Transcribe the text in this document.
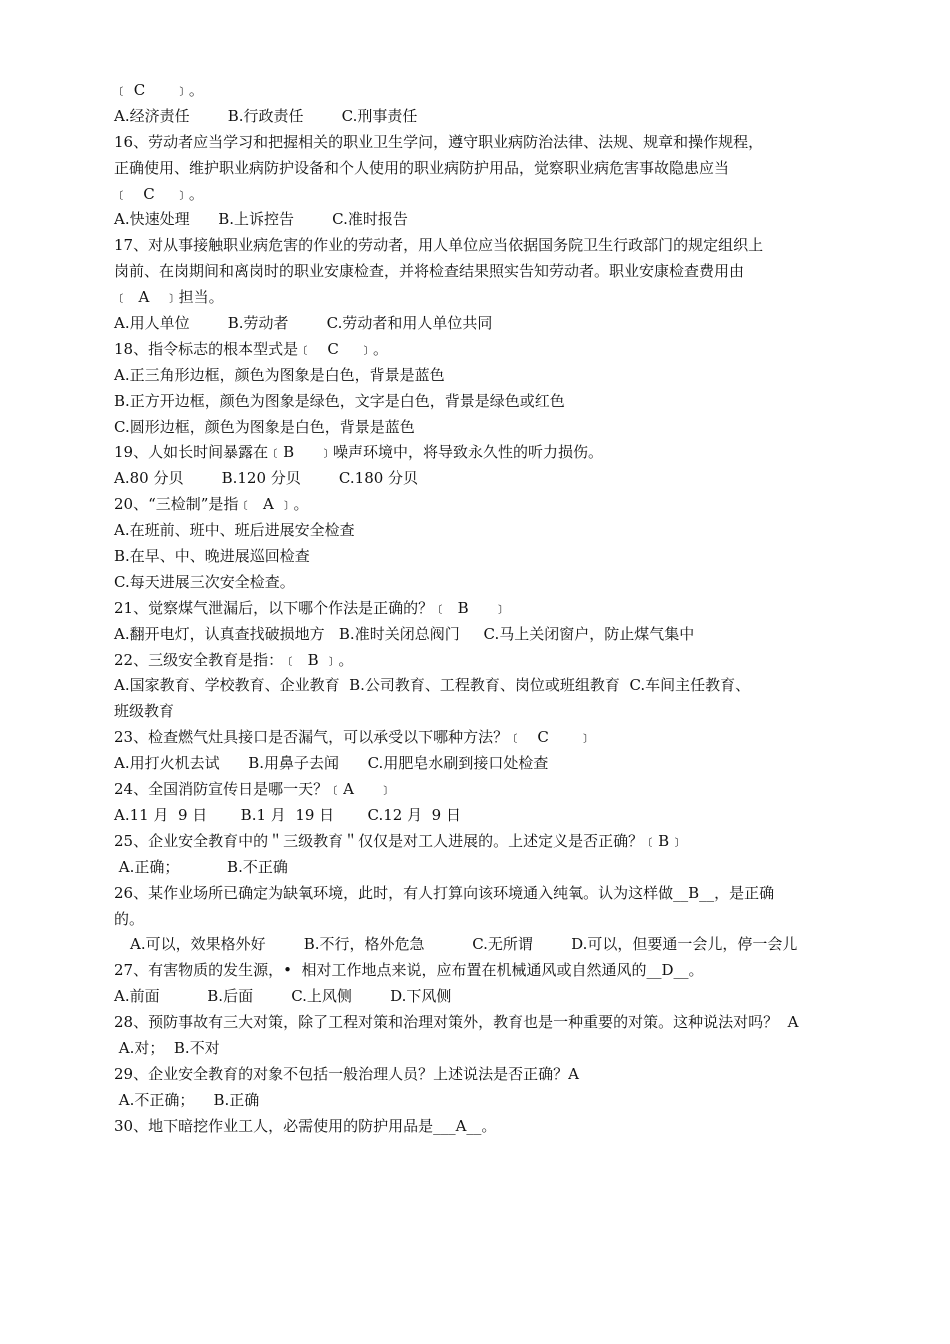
﹝ C      ﹞。
A.经济责任        B.行政责任        C.刑事责任
16、劳动者应当学习和把握相关的职业卫生学问，遵守职业病防治法律、法规、规章和操作规程，
正确使用、维护职业病防护设备和个人使用的职业病防护用品，觉察职业病危害事故隐患应当
﹝   C    ﹞。
A.快速处理      B.上诉控告        C.准时报告
17、对从事接触职业病危害的作业的劳动者，用人单位应当依据国务院卫生行政部门的规定组织上
岗前、在岗期间和离岗时的职业安康检查，并将检查结果照实告知劳动者。职业安康检查费用由
﹝  A   ﹞担当。
A.用人单位        B.劳动者        C.劳动者和用人单位共同
18、指令标志的根本型式是﹝   C    ﹞。
A.正三角形边框，颜色为图象是白色，背景是蓝色
B.正方开边框，颜色为图象是绿色，文字是白色，背景是绿色或红色
C.圆形边框，颜色为图象是白色，背景是蓝色
19、人如长时间暴露在﹝B     ﹞噪声环境中，将导致永久性的听力损伤。
A.80 分贝        B.120 分贝        C.180 分贝
20、“三检制”是指﹝  A ﹞。
A.在班前、班中、班后进展安全检查
B.在早、中、晚进展巡回检查
C.每天进展三次安全检查。
21、觉察煤气泄漏后，以下哪个作法是正确的？﹝  B     ﹞
A.翻开电灯，认真查找破损地方   B.准时关闭总阀门     C.马上关闭窗户，防止煤气集中
22、三级安全教育是指：﹝  B ﹞。
A.国家教育、学校教育、企业教育  B.公司教育、工程教育、岗位或班组教育  C.车间主任教育、
班级教育
23、检查燃气灶具接口是否漏气，可以承受以下哪种方法？﹝   C      ﹞
A.用打火机去试      B.用鼻子去闻      C.用肥皂水刷到接口处检查
24、全国消防宣传日是哪一天？﹝A     ﹞
A.11 月  9 日       B.1 月  19 日       C.12 月  9 日
25、企业安全教育中的＂三级教育＂仅仅是对工人进展的。上述定义是否正确？﹝B﹞
A.正确；          B.不正确
26、某作业场所已确定为缺氧环境，此时，有人打算向该环境通入纯氧。认为这样做__B__，是正确
的。
A.可以，效果格外好        B.不行，格外危急          C.无所谓        D.可以，但要通一会儿，停一会儿
27、有害物质的发生源，•  相对工作地点来说，应布置在机械通风或自然通风的__D__。
A.前面          B.后面        C.上风侧        D.下风侧
28、预防事故有三大对策，除了工程对策和治理对策外，教育也是一种重要的对策。这种说法对吗？  A
A.对；  B.不对
29、企业安全教育的对象不包括一般治理人员？上述说法是否正确？A
A.不正确；    B.正确
30、地下暗挖作业工人，必需使用的防护用品是___A__。
